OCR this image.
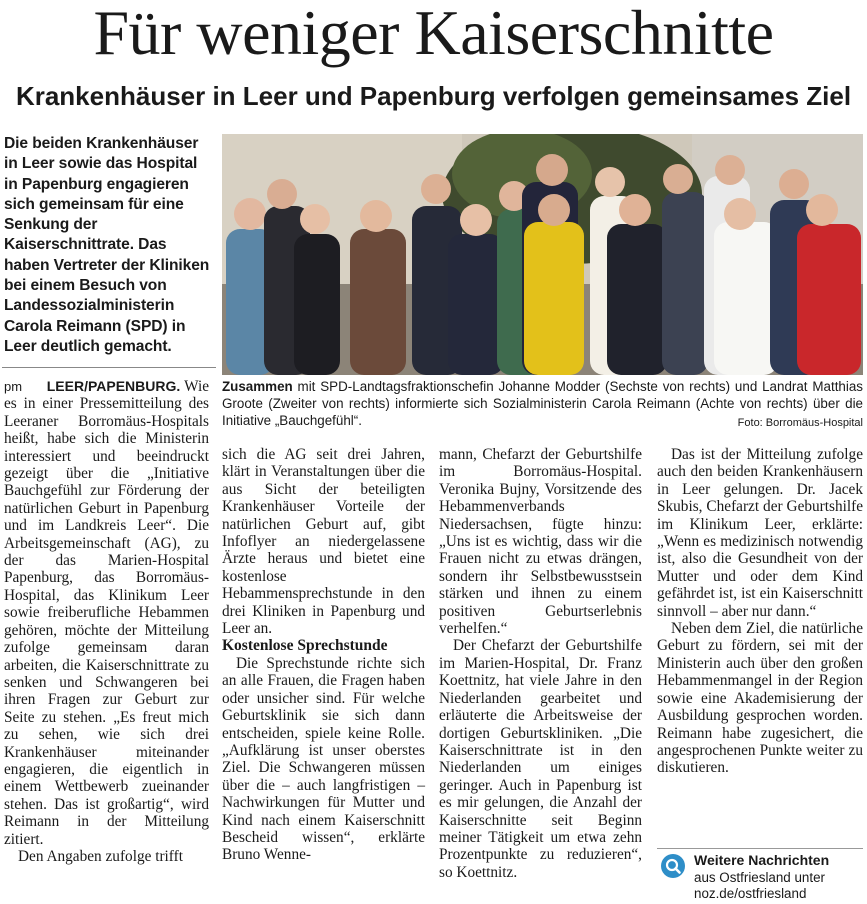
Für weniger Kaiserschnitte
Krankenhäuser in Leer und Papenburg verfolgen gemeinsames Ziel
Die beiden Krankenhäuser in Leer sowie das Hospital in Papenburg engagieren sich gemeinsam für eine Senkung der Kaiserschnittrate. Das haben Vertreter der Kliniken bei einem Besuch von Landessozialministerin Carola Reimann (SPD) in Leer deutlich gemacht.
Zusammen mit SPD-Landtagsfraktionschefin Johanne Modder (Sechste von rechts) und Landrat Matthias Groote (Zweiter von rechts) informierte sich Sozialministerin Carola Reimann (Achte von rechts) über die Initiative „Bauchgefühl“.	Foto: Borromäus-Hospital

pm LEER/PAPENBURG. Wie es in einer Pressemitteilung des Leeraner Borromäus-Hospitals heißt, habe sich die Ministerin interessiert und beeindruckt gezeigt über die „Initiative Bauchgefühl zur Förderung der natürlichen Geburt in Papenburg und im Landkreis Leer“. Die Arbeitsgemeinschaft (AG), zu der das Marien-Hospital Papenburg, das Borromäus-Hospital, das Klinikum Leer sowie freiberufliche Hebammen gehören, möchte der Mitteilung zufolge gemeinsam daran arbeiten, die Kaiserschnittrate zu senken und Schwangeren bei ihren Fragen zur Geburt zur Seite zu stehen. „Es freut mich zu sehen, wie sich drei Krankenhäuser miteinander engagieren, die eigentlich in einem Wettbewerb zueinander stehen. Das ist großartig“, wird Reimann in der Mitteilung zitiert.

Den Angaben zufolge trifft

sich die AG seit drei Jahren, klärt in Veranstaltungen über die aus Sicht der beteiligten Krankenhäuser Vorteile der natürlichen Geburt auf, gibt Infoflyer an niedergelassene Ärzte heraus und bietet eine kostenlose Hebammensprechstunde in den drei Kliniken in Papenburg und Leer an.

Kostenlose Sprechstunde

Die Sprechstunde richte sich an alle Frauen, die Fragen haben oder unsicher sind. Für welche Geburtsklinik sie sich dann entscheiden, spiele keine Rolle. „Aufklärung ist unser oberstes Ziel. Die Schwangeren müssen über die – auch langfristigen – Nachwirkungen für Mutter und Kind nach einem Kaiserschnitt Bescheid wissen“, erklärte Bruno Wenne-

mann, Chefarzt der Geburtshilfe im Borromäus-Hospital. Veronika Bujny, Vorsitzende des Hebammenverbands Niedersachsen, fügte hinzu: „Uns ist es wichtig, dass wir die Frauen nicht zu etwas drängen, sondern ihr Selbstbewusstsein stärken und ihnen zu einem positiven Geburtserlebnis verhelfen.“

Der Chefarzt der Geburtshilfe im Marien-Hospital, Dr. Franz Koettnitz, hat viele Jahre in den Niederlanden gearbeitet und erläuterte die Arbeitsweise der dortigen Geburtskliniken. „Die Kaiserschnittrate ist in den Niederlanden um einiges geringer. Auch in Papenburg ist es mir gelungen, die Anzahl der Kaiserschnitte seit Beginn meiner Tätigkeit um etwa zehn Prozentpunkte zu reduzieren“, so Koettnitz.

Das ist der Mitteilung zufolge auch den beiden Krankenhäusern in Leer gelungen. Dr. Jacek Skubis, Chefarzt der Geburtshilfe im Klinikum Leer, erklärte: „Wenn es medizinisch notwendig ist, also die Gesundheit von der Mutter und oder dem Kind gefährdet ist, ist ein Kaiserschnitt sinnvoll – aber nur dann.“

Neben dem Ziel, die natürliche Geburt zu fördern, sei mit der Ministerin auch über den großen Hebammenmangel in der Region sowie eine Akademisierung der Ausbildung gesprochen worden. Reimann habe zugesichert, die angesprochenen Punkte weiter zu diskutieren.

Weitere Nachrichten
aus Ostfriesland unter
noz.de/ostfriesland
